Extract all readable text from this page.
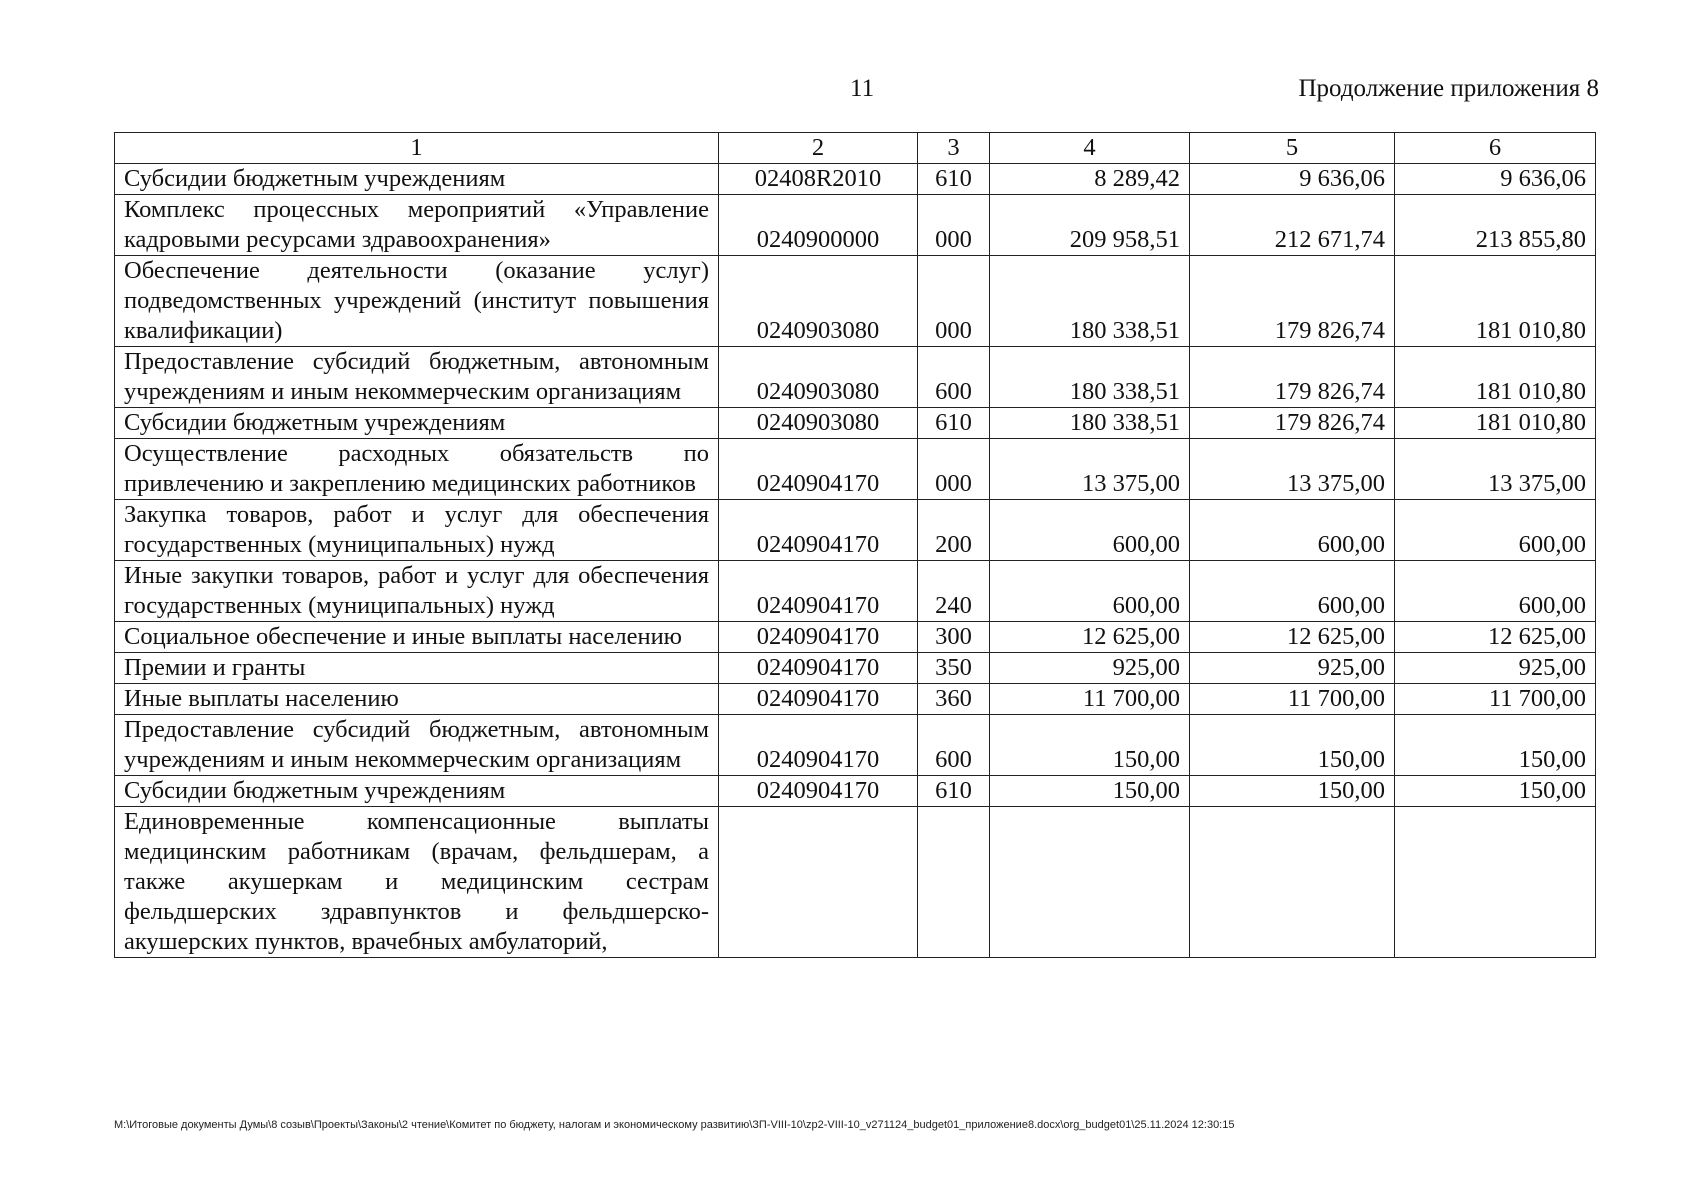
11	Продолжение приложения 8
1	2	3	4	5	6
Субсидии бюджетным учреждениям	02408R2010	610	8 289,42	9 636,06	9 636,06
Комплекс процессных мероприятий «Управление кадровыми ресурсами здравоохранения»	0240900000	000	209 958,51	212 671,74	213 855,80
Обеспечение деятельности (оказание услуг) подведомственных учреждений (институт повышения квалификации)	0240903080	000	180 338,51	179 826,74	181 010,80
Предоставление субсидий бюджетным, автономным учреждениям и иным некоммерческим организациям	0240903080	600	180 338,51	179 826,74	181 010,80
Субсидии бюджетным учреждениям	0240903080	610	180 338,51	179 826,74	181 010,80
Осуществление расходных обязательств по привлечению и закреплению медицинских работников	0240904170	000	13 375,00	13 375,00	13 375,00
Закупка товаров, работ и услуг для обеспечения государственных (муниципальных) нужд	0240904170	200	600,00	600,00	600,00
Иные закупки товаров, работ и услуг для обеспечения государственных (муниципальных) нужд	0240904170	240	600,00	600,00	600,00
Социальное обеспечение и иные выплаты населению	0240904170	300	12 625,00	12 625,00	12 625,00
Премии и гранты	0240904170	350	925,00	925,00	925,00
Иные выплаты населению	0240904170	360	11 700,00	11 700,00	11 700,00
Предоставление субсидий бюджетным, автономным учреждениям и иным некоммерческим организациям	0240904170	600	150,00	150,00	150,00
Субсидии бюджетным учреждениям	0240904170	610	150,00	150,00	150,00
Единовременные компенсационные выплаты медицинским работникам (врачам, фельдшерам, а также акушеркам и медицинским сестрам фельдшерских здравпунктов и фельдшерско-акушерских пунктов, врачебных амбулаторий,					
M:\Итоговые документы Думы\8 созыв\Проекты\Законы\2 чтение\Комитет по бюджету, налогам и экономическому развитию\ЗП-VIII-10\zp2-VIII-10_v271124_budget01_приложение8.docx\org_budget01\25.11.2024 12:30:15
